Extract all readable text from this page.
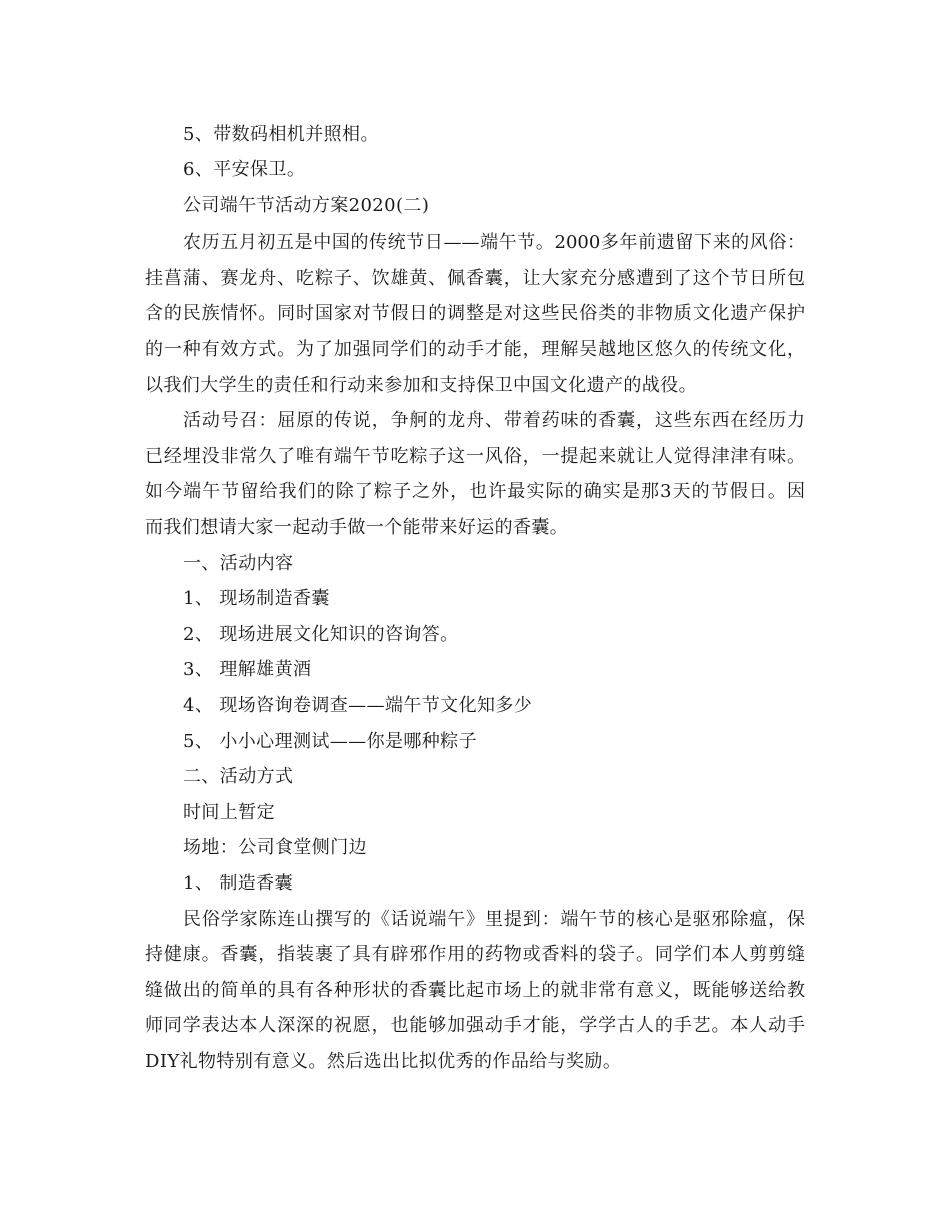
5、带数码相机并照相。
6、平安保卫。
公司端午节活动方案2020(二)
农历五月初五是中国的传统节日——端午节。2000多年前遗留下来的风俗：
挂菖蒲、赛龙舟、吃粽子、饮雄黄、佩香囊，让大家充分感遭到了这个节日所包
含的民族情怀。同时国家对节假日的调整是对这些民俗类的非物质文化遗产保护
的一种有效方式。为了加强同学们的动手才能，理解吴越地区悠久的传统文化，
以我们大学生的责任和行动来参加和支持保卫中国文化遗产的战役。
活动号召：屈原的传说，争舸的龙舟、带着药味的香囊，这些东西在经历力
已经埋没非常久了唯有端午节吃粽子这一风俗，一提起来就让人觉得津津有味。
如今端午节留给我们的除了粽子之外，也许最实际的确实是那3天的节假日。因
而我们想请大家一起动手做一个能带来好运的香囊。
一、活动内容
1、 现场制造香囊
2、 现场进展文化知识的咨询答。
3、 理解雄黄酒
4、 现场咨询卷调查——端午节文化知多少
5、 小小心理测试——你是哪种粽子
二、活动方式
时间上暂定
场地：公司食堂侧门边
1、 制造香囊
民俗学家陈连山撰写的《话说端午》里提到：端午节的核心是驱邪除瘟，保
持健康。香囊，指装裹了具有辟邪作用的药物或香料的袋子。同学们本人剪剪缝
缝做出的简单的具有各种形状的香囊比起市场上的就非常有意义，既能够送给教
师同学表达本人深深的祝愿，也能够加强动手才能，学学古人的手艺。本人动手
DIY礼物特别有意义。然后选出比拟优秀的作品给与奖励。
